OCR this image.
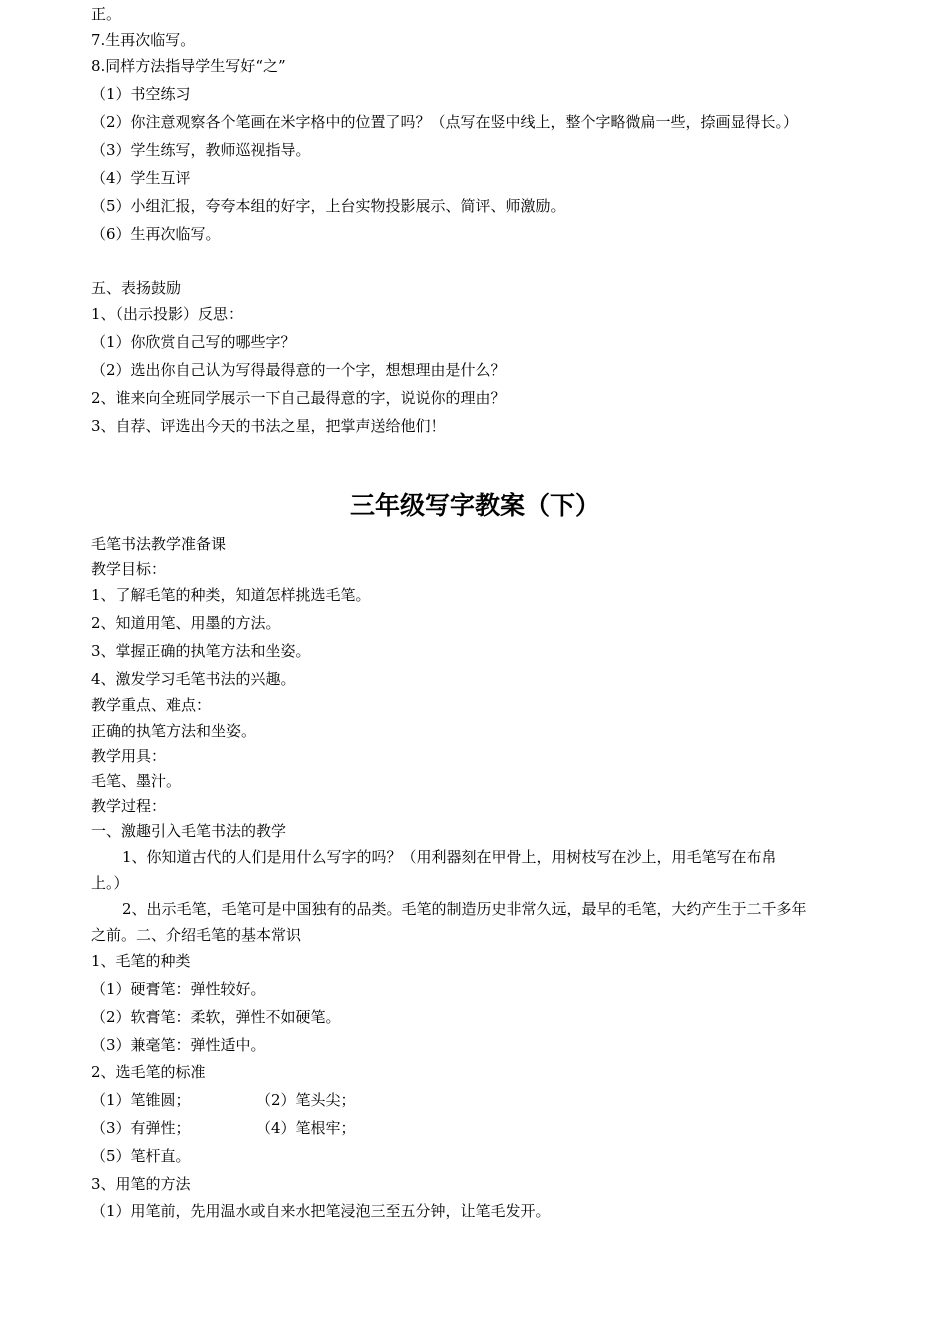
正。
7.生再次临写。
8.同样方法指导学生写好“之”
（1）书空练习
（2）你注意观察各个笔画在米字格中的位置了吗？（点写在竖中线上，整个字略微扁一些，捺画显得长。）
（3）学生练写，教师巡视指导。
（4）学生互评
（5）小组汇报，夸夸本组的好字，上台实物投影展示、简评、师激励。
（6）生再次临写。
五、表扬鼓励
1、（出示投影）反思：
（1）你欣赏自己写的哪些字？
（2）选出你自己认为写得最得意的一个字，想想理由是什么？
2、谁来向全班同学展示一下自己最得意的字，说说你的理由？
3、自荐、评选出今天的书法之星，把掌声送给他们！
三年级写字教案（下）
毛笔书法教学准备课
教学目标：
1、了解毛笔的种类，知道怎样挑选毛笔。
2、知道用笔、用墨的方法。
3、掌握正确的执笔方法和坐姿。
4、激发学习毛笔书法的兴趣。
教学重点、难点：
正确的执笔方法和坐姿。
教学用具：
毛笔、墨汁。
教学过程：
一、激趣引入毛笔书法的教学
1、你知道古代的人们是用什么写字的吗？（用利器刻在甲骨上，用树枝写在沙上，用毛笔写在布帛
上。）
2、出示毛笔，毛笔可是中国独有的品类。毛笔的制造历史非常久远，最早的毛笔，大约产生于二千多年
之前。二、介绍毛笔的基本常识
1、毛笔的种类
（1）硬膏笔：弹性较好。
（2）软膏笔：柔软，弹性不如硬笔。
（3）兼毫笔：弹性适中。
2、选毛笔的标准
（1）笔锥圆；	（2）笔头尖；
（3）有弹性；	（4）笔根牢；
（5）笔杆直。
3、用笔的方法
（1）用笔前，先用温水或自来水把笔浸泡三至五分钟，让笔毛发开。
